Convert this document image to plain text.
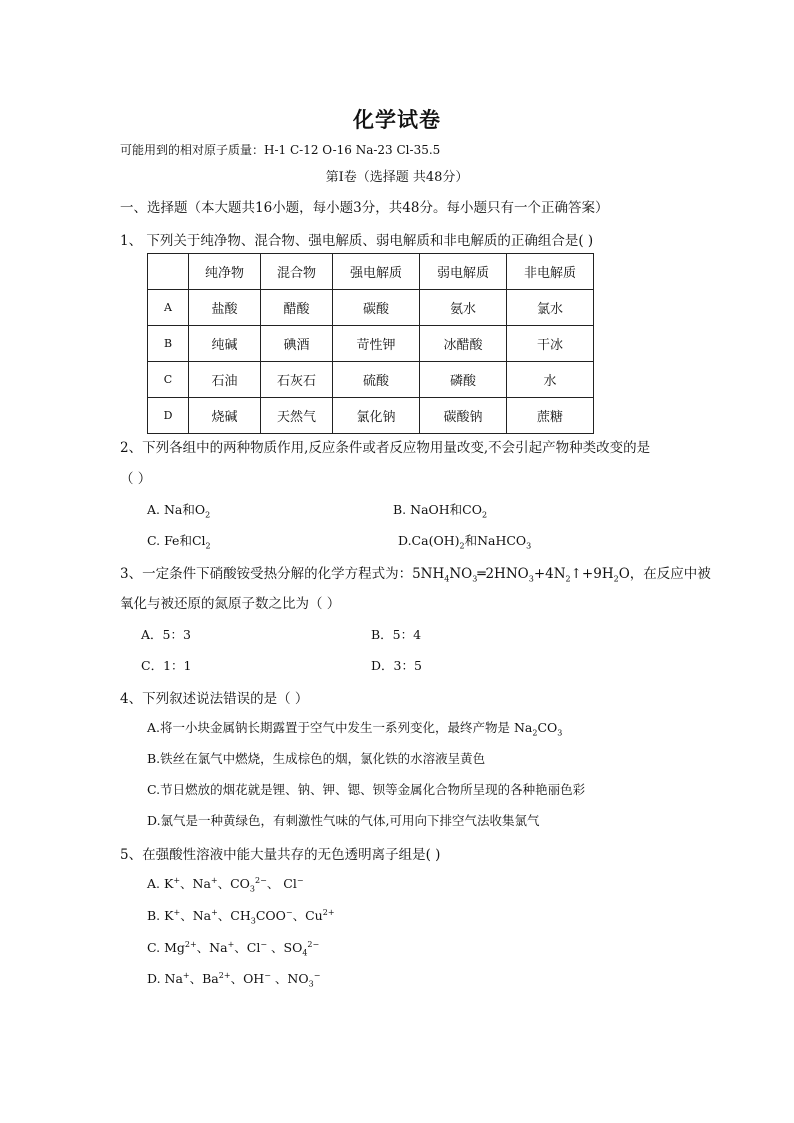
化学试卷
可能用到的相对原子质量：H-1 C-12 O-16 Na-23 Cl-35.5
第Ⅰ卷（选择题 共48分）
一、选择题（本大题共16小题，每小题3分，共48分。每小题只有一个正确答案）
1、 下列关于纯净物、混合物、强电解质、弱电解质和非电解质的正确组合是( )
	纯净物	混合物	强电解质	弱电解质	非电解质
A	盐酸	醋酸	碳酸	氨水	氯水
B	纯碱	碘酒	苛性钾	冰醋酸	干冰
C	石油	石灰石	硫酸	磷酸	水
D	烧碱	天然气	氯化钠	碳酸钠	蔗糖
2、下列各组中的两种物质作用,反应条件或者反应物用量改变,不会引起产物种类改变的是
（ ）
A. Na和$O_2$	B. NaOH和$CO_2$
C. Fe和$Cl_2$	$D.Ca(OH)_2$和NaHCO$_3$
3、一定条件下硝酸铵受热分解的化学方程式为：$5NH_4NO_3═2HNO_3+4N_2↑+9H_2O$，在反应中被
氧化与被还原的氮原子数之比为（ ）
A．5：3	B．5：4
C．1：1	D．3：5
4、下列叙述说法错误的是（ ）
A.将一小块金属钠长期露置于空气中发生一系列变化，最终产物是 $Na_2CO_3$
B.铁丝在氯气中燃烧，生成棕色的烟，氯化铁的水溶液呈黄色
C.节日燃放的烟花就是锂、钠、钾、锶、钡等金属化合物所呈现的各种艳丽色彩
D.氯气是一种黄绿色，有刺激性气味的气体,可用向下排空气法收集氯气
5、在强酸性溶液中能大量共存的无色透明离子组是( )
A. K+、Na+、$CO_3^{2-}$、 Cl−
B. K+、Na+、$CH_3COO^-$、$Cu^{2+}$
C. $Mg^{2+}$、Na+、Cl− 、$SO_4^{2-}$
D. Na+、$Ba^{2+}$、OH− 、$NO_3^-$
